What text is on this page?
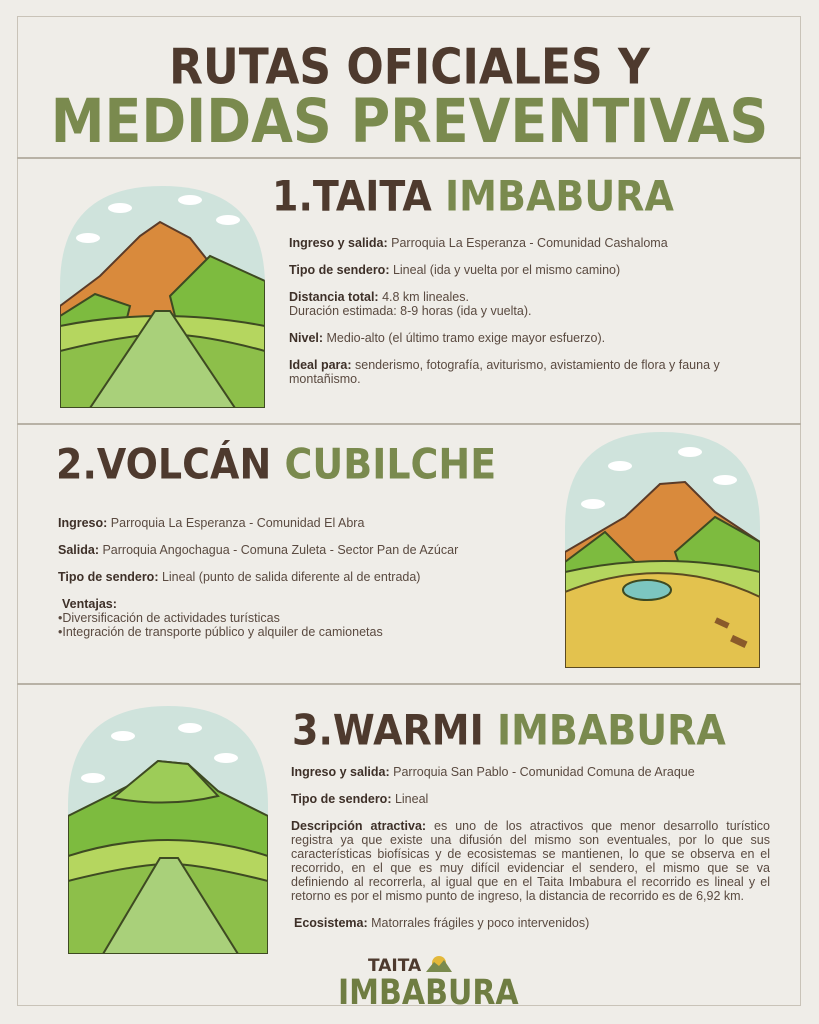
RUTAS OFICIALES Y
MEDIDAS PREVENTIVAS
1.TAITA IMBABURA

Ingreso y salida: Parroquia La Esperanza - Comunidad Cashaloma

Tipo de sendero: Lineal (ida y vuelta por el mismo camino)

Distancia total: 4.8 km lineales.

Duración estimada: 8-9 horas (ida y vuelta).

Nivel: Medio-alto (el último tramo exige mayor esfuerzo).

Ideal para: senderismo, fotografía, aviturismo, avistamiento de flora y fauna y montañismo.

2.VOLCÁN CUBILCHE

Ingreso: Parroquia La Esperanza - Comunidad El Abra

Salida: Parroquia Angochagua - Comuna Zuleta - Sector Pan de Azúcar

Tipo de sendero: Lineal (punto de salida diferente al de entrada)

Ventajas:
•Diversificación de actividades turísticas
•Integración de transporte público y alquiler de camionetas
3.WARMI IMBABURA

Ingreso y salida: Parroquia San Pablo - Comunidad Comuna de Araque

Tipo de sendero: Lineal

Descripción atractiva: es uno de los atractivos que menor desarrollo turístico registra ya que existe una difusión del mismo son eventuales, por lo que sus características biofísicas y de ecosistemas se mantienen, lo que se observa en el recorrido, en el que es muy difícil evidenciar el sendero, el mismo que se va definiendo al recorrerla, al igual que en el Taita Imbabura el recorrido es lineal y el retorno es por el mismo punto de ingreso, la distancia de recorrido es de 6,92 km.

Ecosistema: Matorrales frágiles y poco intervenidos)

TAITA
IMBABURA
